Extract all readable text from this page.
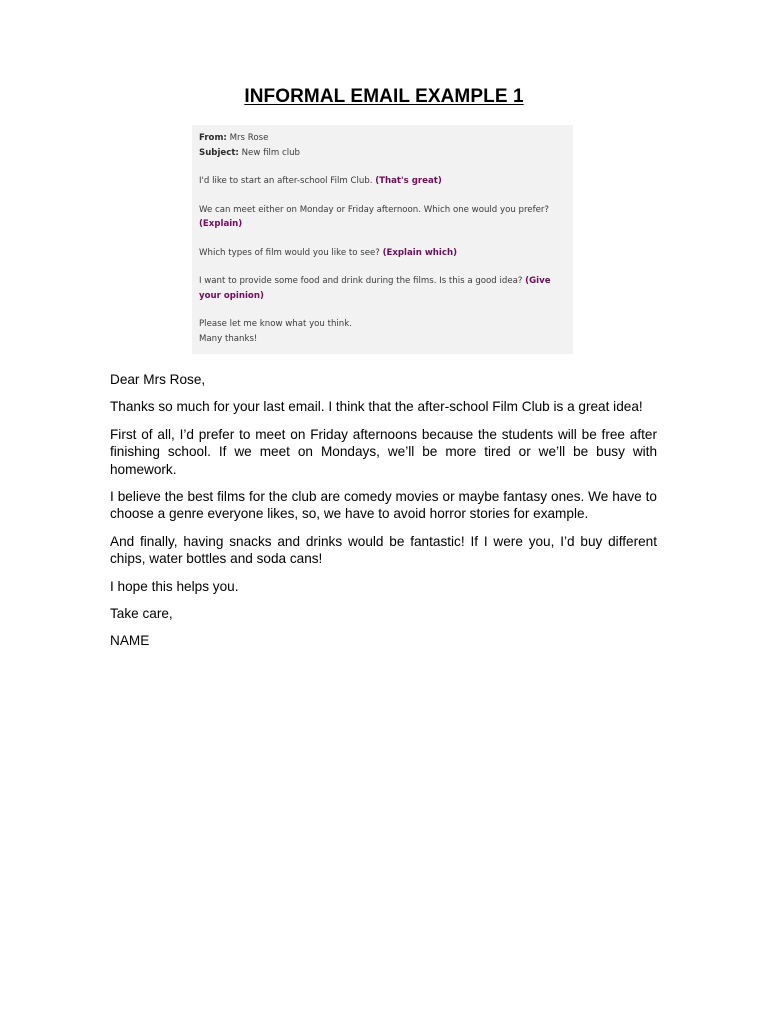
INFORMAL EMAIL EXAMPLE 1

From: Mrs Rose

Subject: New film club

I'd like to start an after-school Film Club. (That's great)

We can meet either on Monday or Friday afternoon. Which one would you prefer?
(Explain)

Which types of film would you like to see? (Explain which)

I want to provide some food and drink during the films. Is this a good idea? (Give your opinion)

Please let me know what you think.

Many thanks!

Dear Mrs Rose,

Thanks so much for your last email. I think that the after-school Film Club is a great idea!

First of all, I’d prefer to meet on Friday afternoons because the students will be free after finishing school. If we meet on Mondays, we’ll be more tired or we’ll be busy with homework.

I believe the best films for the club are comedy movies or maybe fantasy ones. We have to choose a genre everyone likes, so, we have to avoid horror stories for example.

And finally, having snacks and drinks would be fantastic! If I were you, I’d buy different chips, water bottles and soda cans!

I hope this helps you.

Take care,

NAME
